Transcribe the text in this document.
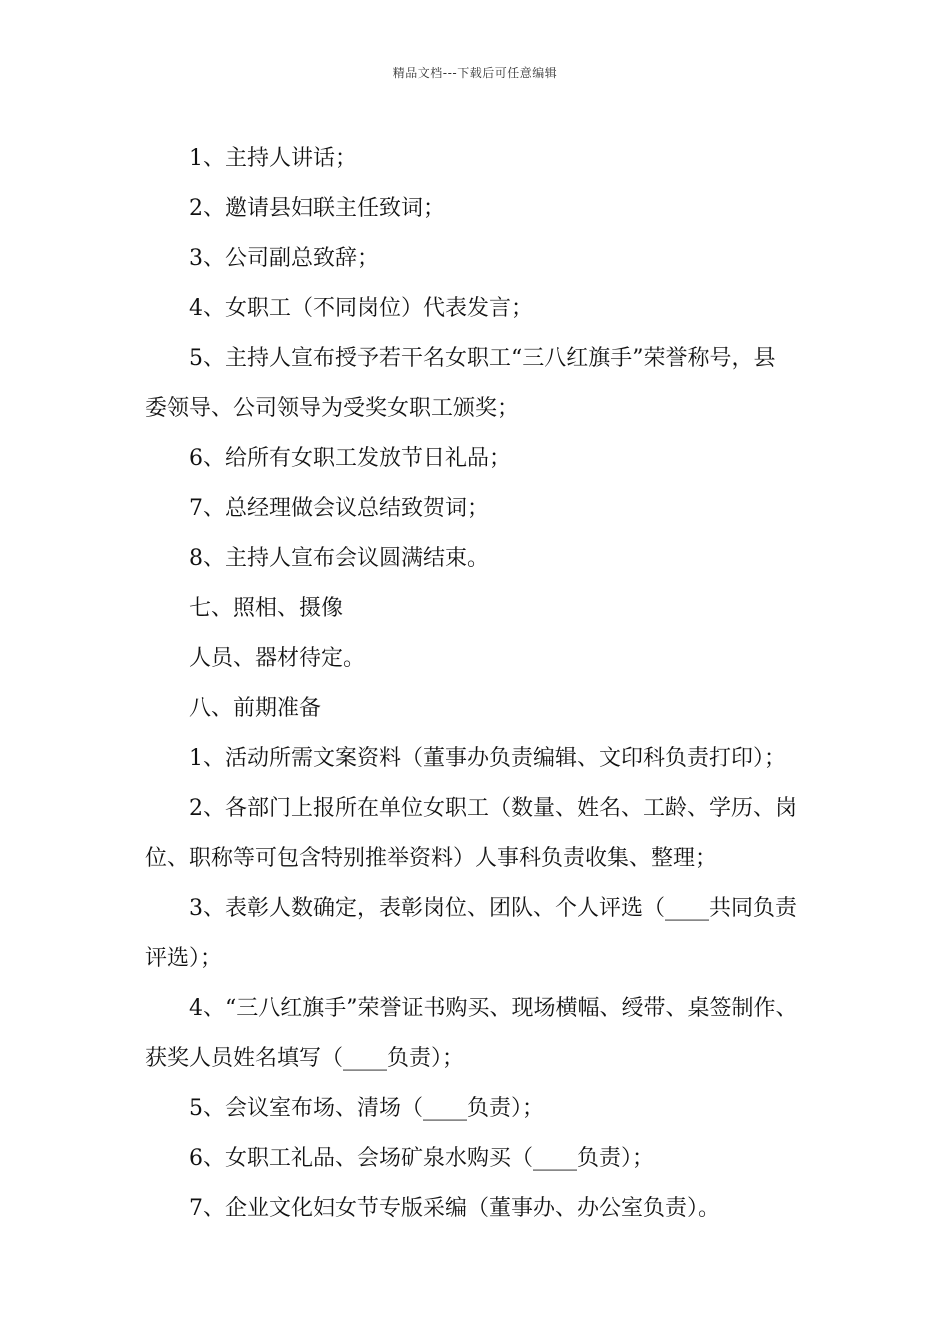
精品文档---下载后可任意编辑

1、主持人讲话；

2、邀请县妇联主任致词；

3、公司副总致辞；

4、女职工（不同岗位）代表发言；

5、主持人宣布授予若干名女职工“三八红旗手”荣誉称号，县

委领导、公司领导为受奖女职工颁奖；

6、给所有女职工发放节日礼品；

7、总经理做会议总结致贺词；

8、主持人宣布会议圆满结束。

七、照相、摄像

人员、器材待定。

八、前期准备

1、活动所需文案资料（董事办负责编辑、文印科负责打印）；

2、各部门上报所在单位女职工（数量、姓名、工龄、学历、岗

位、职称等可包含特别推举资料）人事科负责收集、整理；

3、表彰人数确定，表彰岗位、团队、个人评选（____共同负责

评选）；

4、“三八红旗手”荣誉证书购买、现场横幅、绶带、桌签制作、

获奖人员姓名填写（____负责）；

5、会议室布场、清场（____负责）；

6、女职工礼品、会场矿泉水购买（____负责）；

7、企业文化妇女节专版采编（董事办、办公室负责）。
